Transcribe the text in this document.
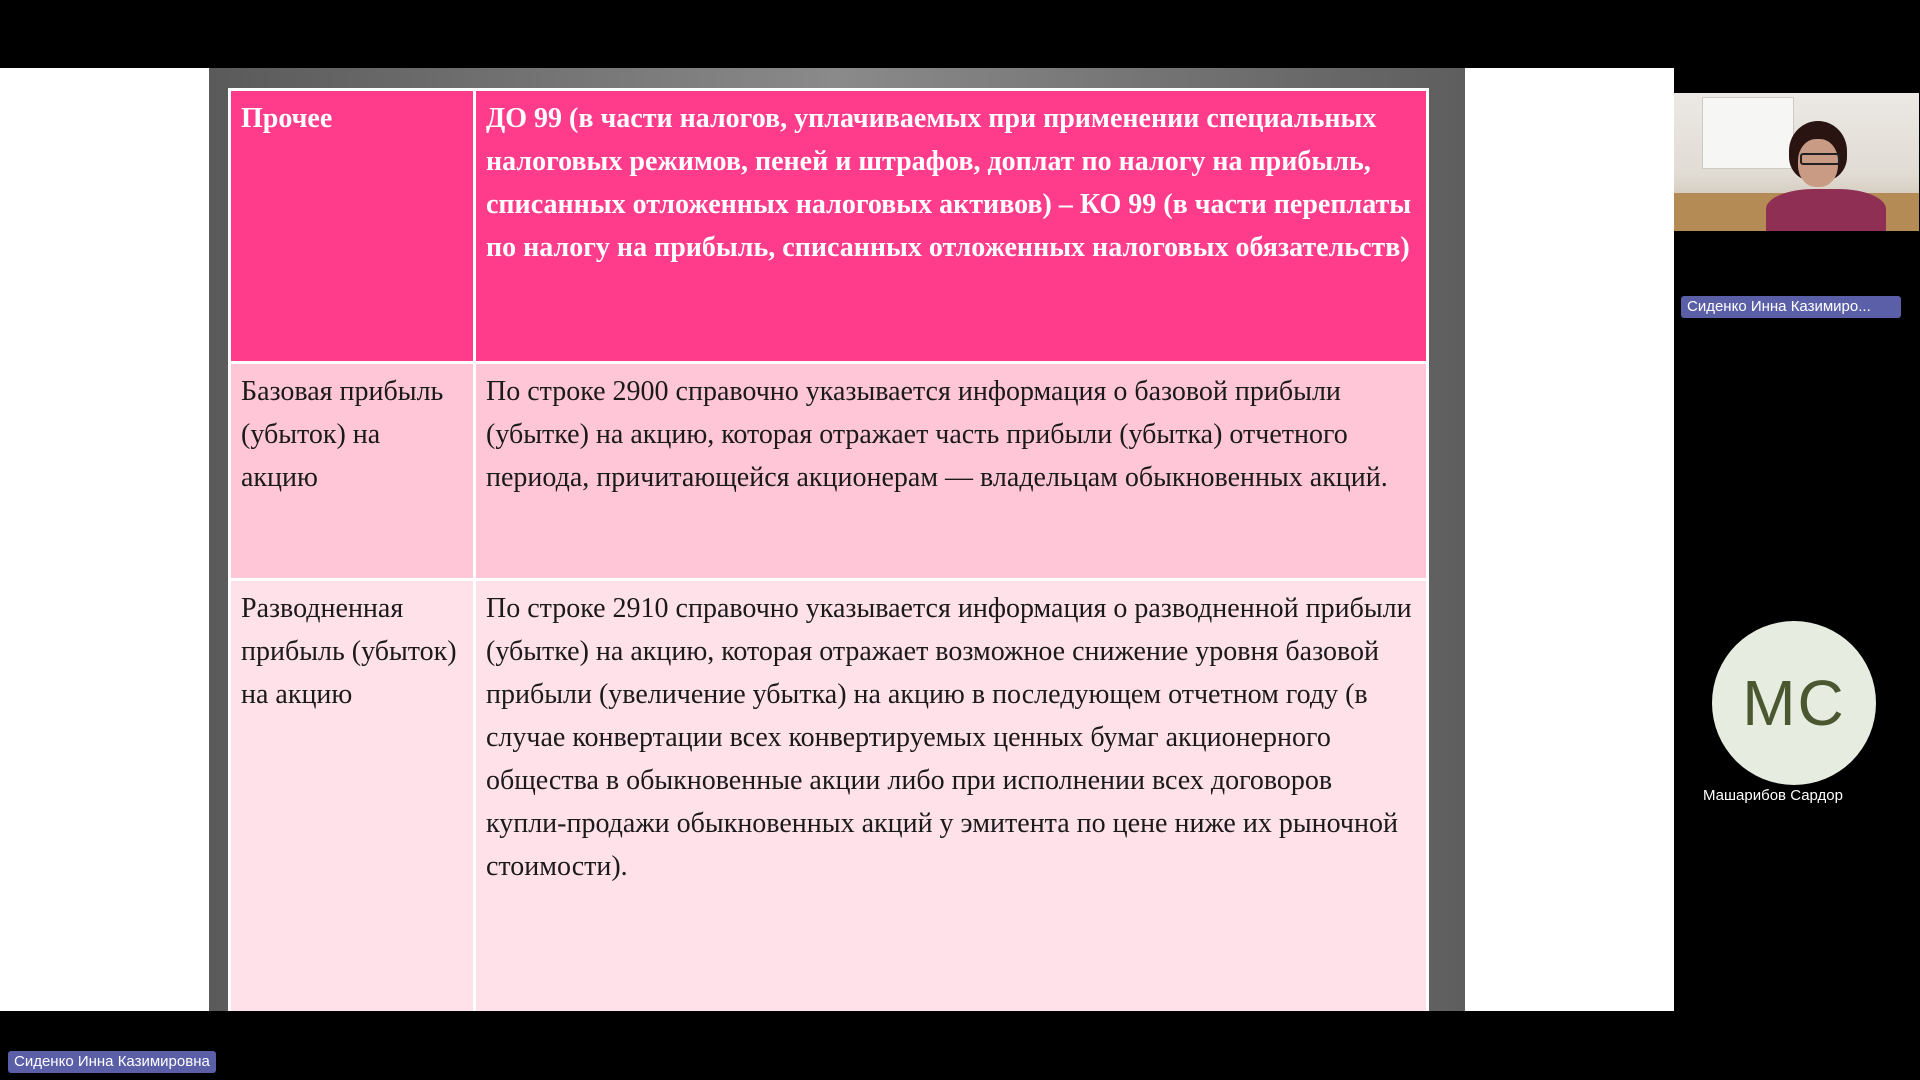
Прочее	ДО 99 (в части налогов, уплачиваемых при применении специальных налоговых режимов, пеней и штрафов, доплат по налогу на прибыль, списанных отложенных налоговых активов) – КО 99 (в части переплаты по налогу на прибыль, списанных отложенных налоговых обязательств)
Базовая прибыль (убыток) на акцию	По строке 2900 справочно указывается информация о базовой прибыли (убытке) на акцию, которая отражает часть прибыли (убытка) отчетного периода, причитающейся акционерам — владельцам обыкновенных акций.
Разводненная прибыль (убыток) на акцию	По строке 2910 справочно указывается информация о разводненной прибыли (убытке) на акцию, которая отражает возможное снижение уровня базовой прибыли (увеличение убытка) на акцию в последующем отчетном году (в случае конвертации всех конвертируемых ценных бумаг акционерного общества в обыкновенные акции либо при исполнении всех договоров купли-продажи обыкновенных акций у эмитента по цене ниже их рыночной стоимости).
Сиденко Инна Казимиро...
МС
Машарибов Сардор
Сиденко Инна Казимировна
